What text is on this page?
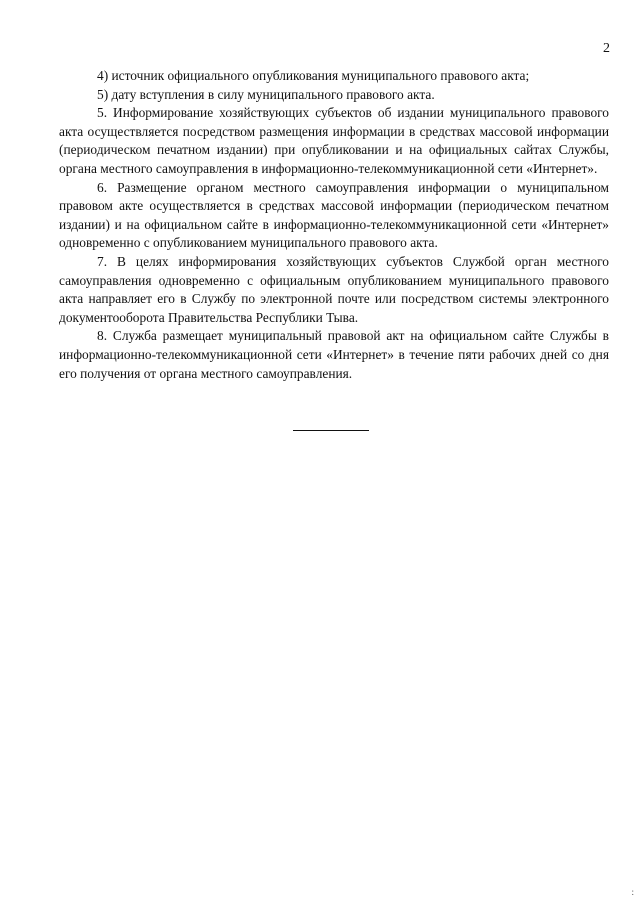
2

4) источник официального опубликования муниципального правового акта;

5) дату вступления в силу муниципального правового акта.

5. Информирование хозяйствующих субъектов об издании муниципального правового акта осуществляется посредством размещения информации в средствах массовой информации (периодическом печатном издании) при опубликовании и на официальных сайтах Службы, органа местного самоуправления в информационно-телекоммуникационной сети «Интернет».

6. Размещение органом местного самоуправления информации о муниципальном правовом акте осуществляется в средствах массовой информации (периодическом печатном издании) и на официальном сайте в информационно-телекоммуникационной сети «Интернет» одновременно с опубликованием муниципального правового акта.

7. В целях информирования хозяйствующих субъектов Службой орган местного самоуправления одновременно с официальным опубликованием муниципального правового акта направляет его в Службу по электронной почте или посредством системы электронного документооборота Правительства Республики Тыва.

8. Служба размещает муниципальный правовой акт на официальном сайте Службы в информационно-телекоммуникационной сети «Интернет» в течение пяти рабочих дней со дня его получения от органа местного самоуправления.

:
